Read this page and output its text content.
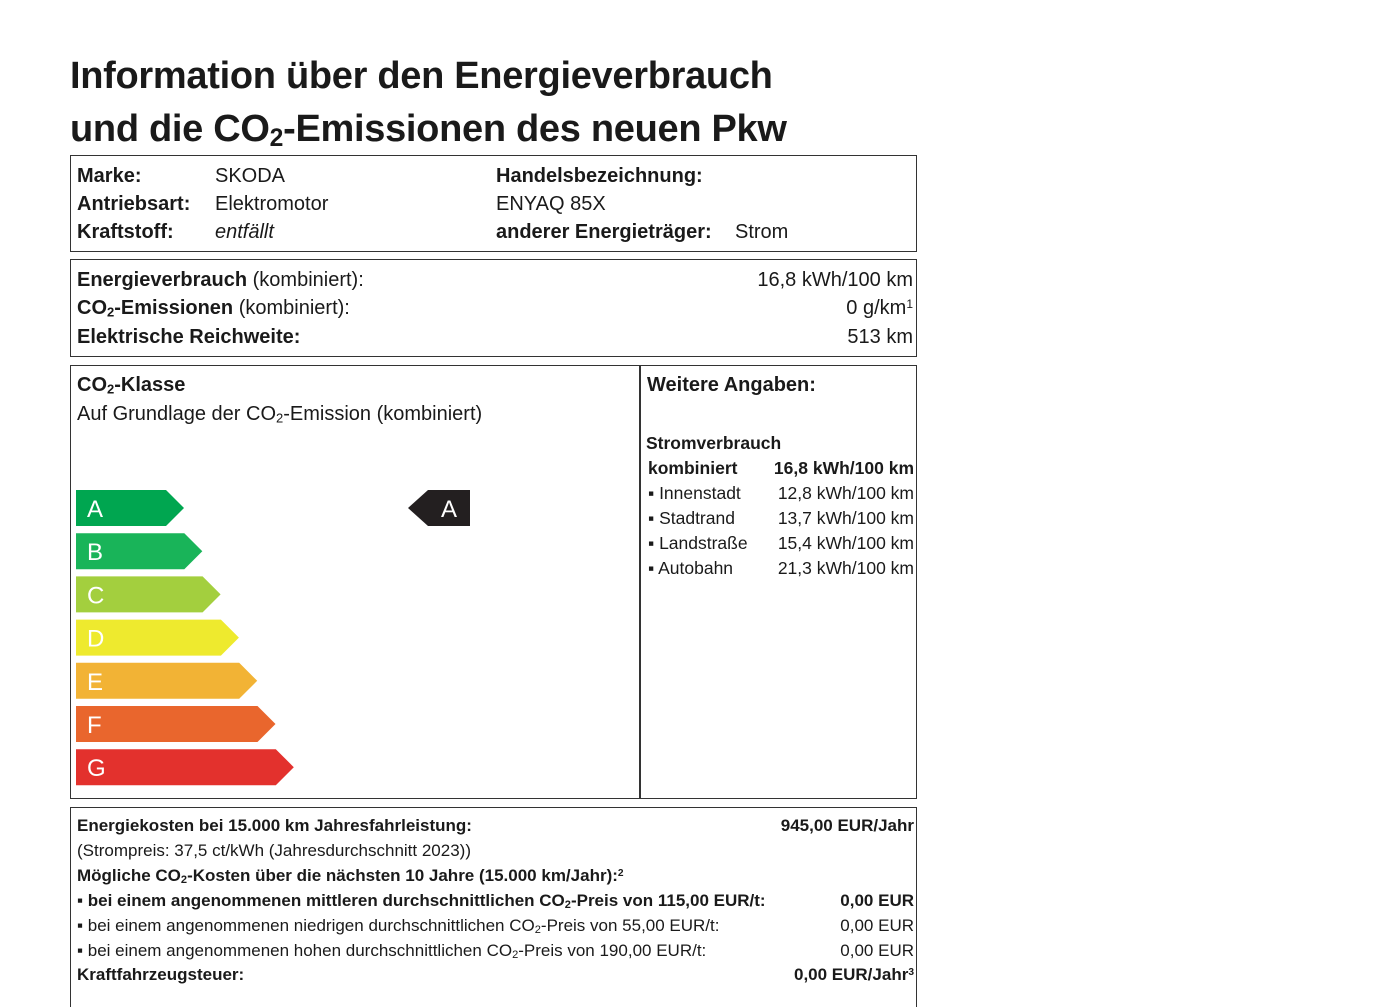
Information über den Energieverbrauch
und die $CO_2$-Emissionen des neuen Pkw
Marke:	SKODA
Antriebsart: Elektromotor
Kraftstoff: entfällt
Handelsbezeichnung:
ENYAQ 85X
anderer Energieträger: Strom
Energieverbrauch (kombiniert):	16,8 kWh/100 km
$CO_2$-Emissionen (kombiniert):	0 $g/km^1$
Elektrische Reichweite:	513 km
$CO_2$-Klasse
Auf Grundlage der $CO_2$-Emission (kombiniert)
A
B
C
D
E
F
G
A
Weitere Angaben:
Stromverbrauch
kombiniert 16,8 kWh/100 km
▪ Innenstadt 12,8 kWh/100 km
▪ Stadtrand 13,7 kWh/100 km
▪ Landstraße 15,4 kWh/100 km
▪ Autobahn	21,3 kWh/100 km
Energiekosten bei 15.000 km Jahresfahrleistung:	945,00 EUR/Jahr
(Strompreis: 37,5 ct/kWh (Jahresdurchschnitt 2023))
Mögliche $CO_2$-Kosten über die nächsten 10 Jahre (15.000 km/Jahr):$^2$
▪ bei einem angenommenen mittleren durchschnittlichen $CO_2$-Preis von 115,00 EUR/t:	0,00 EUR
▪ bei einem angenommenen niedrigen durchschnittlichen $CO_2$-Preis von 55,00 EUR/t:	0,00 EUR
▪ bei einem angenommenen hohen durchschnittlichen $CO_2$-Preis von 190,00 EUR/t:	0,00 EUR
Kraftfahrzeugsteuer:	0,00 EUR/Jahr$^3$
